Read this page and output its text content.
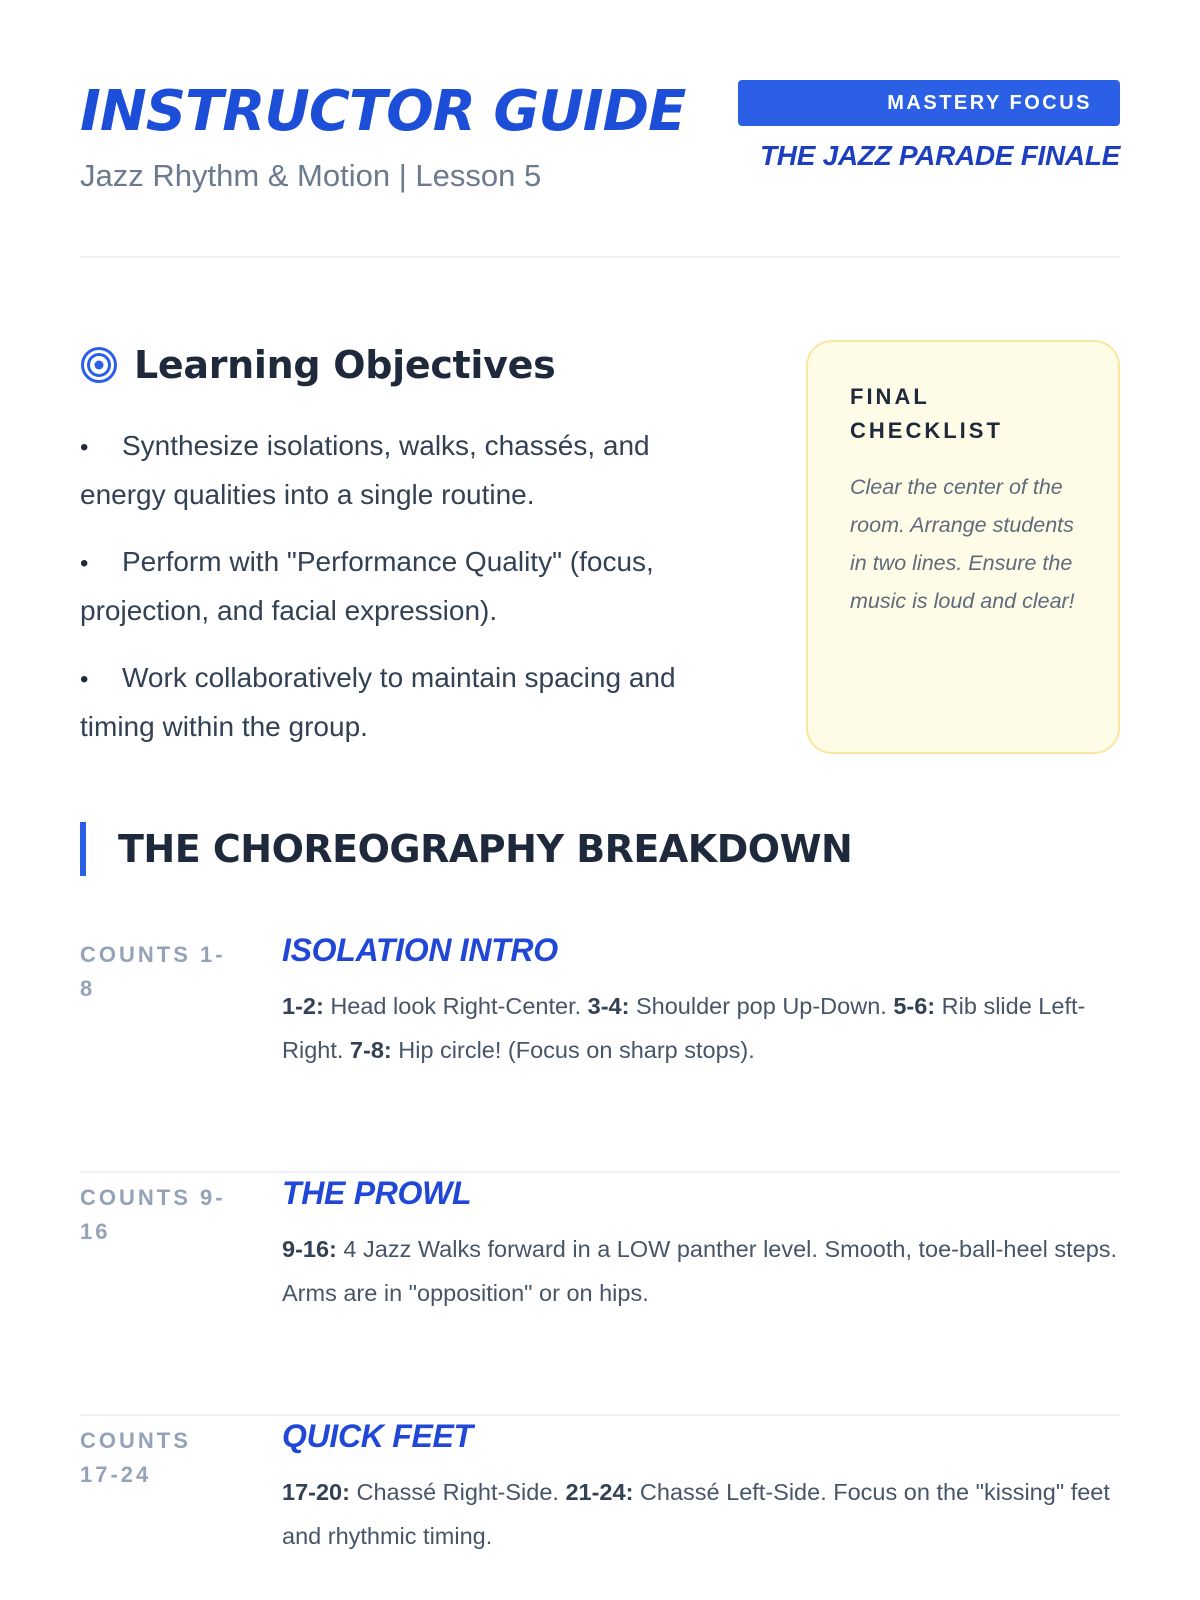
INSTRUCTOR GUIDE
Jazz Rhythm & Motion | Lesson 5
MASTERY FOCUS
THE JAZZ PARADE FINALE
Learning Objectives
• Synthesize isolations, walks, chassés, and energy qualities into a single routine.
• Perform with "Performance Quality" (focus, projection, and facial expression).
• Work collaboratively to maintain spacing and timing within the group.
FINAL CHECKLIST
Clear the center of the room. Arrange students in two lines. Ensure the music is loud and clear!
THE CHOREOGRAPHY BREAKDOWN
COUNTS 1-8
ISOLATION INTRO
1-2: Head look Right-Center. 3-4: Shoulder pop Up-Down. 5-6: Rib slide Left-Right. 7-8: Hip circle! (Focus on sharp stops).
COUNTS 9-16
THE PROWL
9-16: 4 Jazz Walks forward in a LOW panther level. Smooth, toe-ball-heel steps. Arms are in "opposition" or on hips.
COUNTS 17-24
QUICK FEET
17-20: Chassé Right-Side. 21-24: Chassé Left-Side. Focus on the "kissing" feet and rhythmic timing.
